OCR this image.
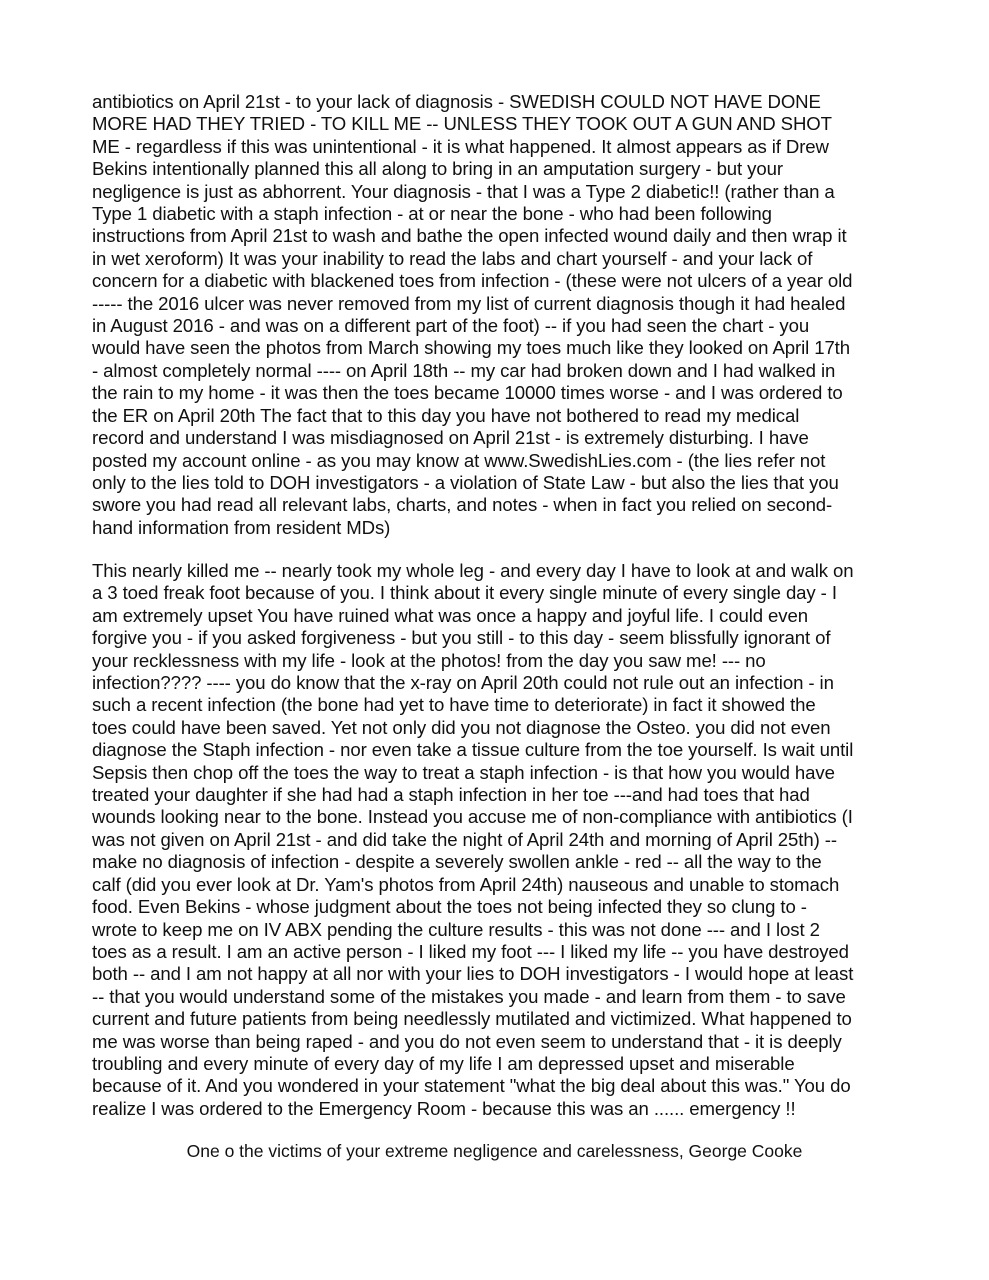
antibiotics on April 21st - to your lack of diagnosis - SWEDISH COULD NOT HAVE DONE
MORE HAD THEY TRIED - TO KILL ME -- UNLESS THEY TOOK OUT A GUN AND SHOT
ME - regardless if this was unintentional - it is what happened. It almost appears as if Drew
Bekins intentionally planned this all along to bring in an amputation surgery - but your
negligence is just as abhorrent. Your diagnosis - that I was a Type 2 diabetic!! (rather than a
Type 1 diabetic with a staph infection - at or near the bone - who had been following
instructions from April 21st to wash and bathe the open infected wound daily and then wrap it
in wet xeroform) It was your inability to read the labs and chart yourself - and your lack of
concern for a diabetic with blackened toes from infection - (these were not ulcers of a year old
----- the 2016 ulcer was never removed from my list of current diagnosis though it had healed
in August 2016 - and was on a different part of the foot) -- if you had seen the chart - you
would have seen the photos from March showing my toes much like they looked on April 17th
- almost completely normal ---- on April 18th -- my car had broken down and I had walked in
the rain to my home - it was then the toes became 10000 times worse - and I was ordered to
the ER on April 20th The fact that to this day you have not bothered to read my medical
record and understand I was misdiagnosed on April 21st - is extremely disturbing. I have
posted my account online - as you may know at www.SwedishLies.com - (the lies refer not
only to the lies told to DOH investigators - a violation of State Law - but also the lies that you
swore you had read all relevant labs, charts, and notes - when in fact you relied on second-
hand information from resident MDs)

This nearly killed me -- nearly took my whole leg - and every day I have to look at and walk on
a 3 toed freak foot because of you. I think about it every single minute of every single day - I
am extremely upset You have ruined what was once a happy and joyful life. I could even
forgive you - if you asked forgiveness - but you still - to this day - seem blissfully ignorant of
your recklessness with my life - look at the photos! from the day you saw me! --- no
infection???? ---- you do know that the x-ray on April 20th could not rule out an infection - in
such a recent infection (the bone had yet to have time to deteriorate) in fact it showed the
toes could have been saved. Yet not only did you not diagnose the Osteo. you did not even
diagnose the Staph infection - nor even take a tissue culture from the toe yourself. Is wait until
Sepsis then chop off the toes the way to treat a staph infection - is that how you would have
treated your daughter if she had had a staph infection in her toe ---and had toes that had
wounds looking near to the bone. Instead you accuse me of non-compliance with antibiotics (I
was not given on April 21st - and did take the night of April 24th and morning of April 25th) --
make no diagnosis of infection - despite a severely swollen ankle - red -- all the way to the
calf (did you ever look at Dr. Yam's photos from April 24th) nauseous and unable to stomach
food. Even Bekins - whose judgment about the toes not being infected they so clung to -
wrote to keep me on IV ABX pending the culture results - this was not done --- and I lost 2
toes as a result. I am an active person - I liked my foot --- I liked my life -- you have destroyed
both -- and I am not happy at all nor with your lies to DOH investigators - I would hope at least
-- that you would understand some of the mistakes you made - and learn from them - to save
current and future patients from being needlessly mutilated and victimized. What happened to
me was worse than being raped - and you do not even seem to understand that - it is deeply
troubling and every minute of every day of my life I am depressed upset and miserable
because of it. And you wondered in your statement "what the big deal about this was." You do
realize I was ordered to the Emergency Room - because this was an ...... emergency !!

One o the victims of your extreme negligence and carelessness, George Cooke
